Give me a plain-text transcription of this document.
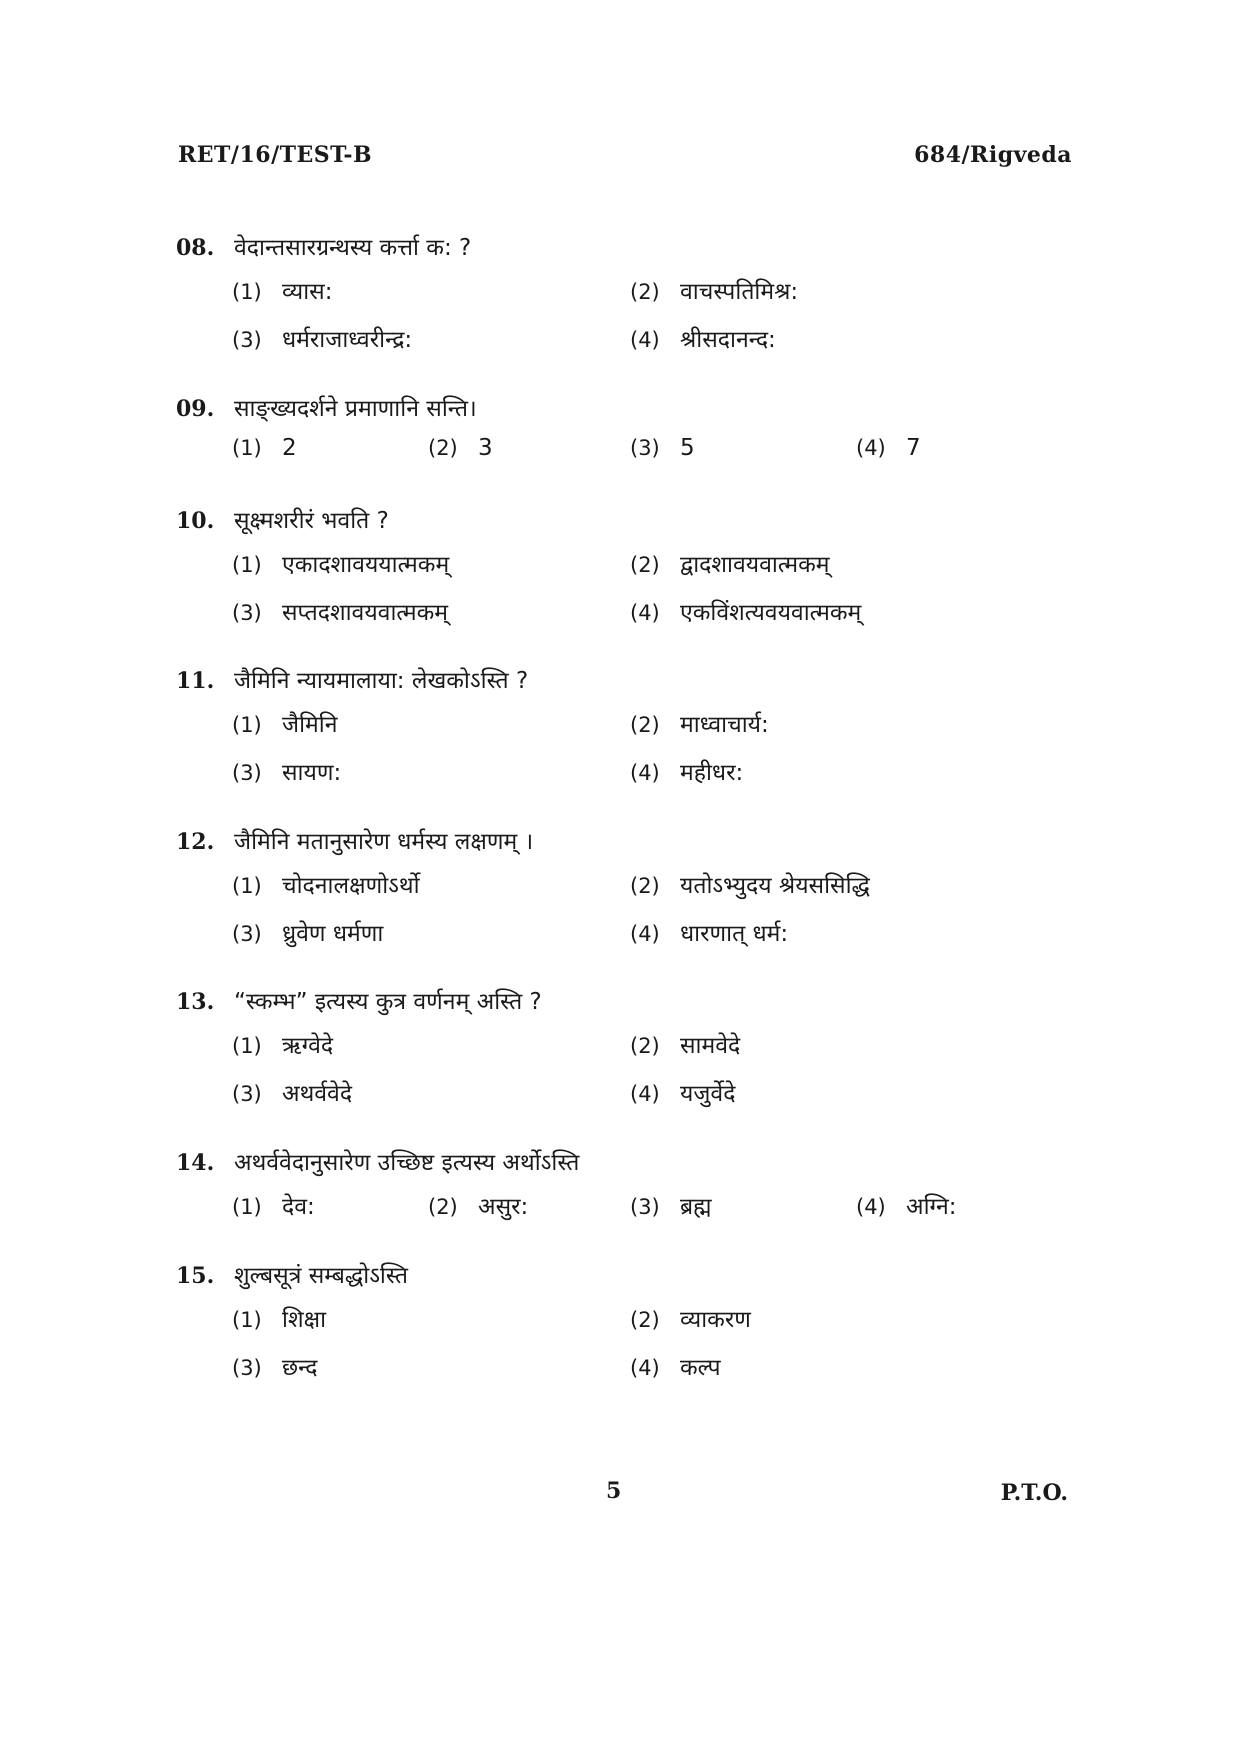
RET/16/TEST-B	684/Rigveda
08. वेदान्तसारग्रन्थस्य कर्त्ता क: ?
(1) व्यास:	(2) वाचस्पतिमिश्र:
(3) धर्मराजाध्वरीन्द्र:	(4) श्रीसदानन्द:
09. साङ्ख्यदर्शने प्रमाणानि सन्ति।
(1) 2	(2) 3	(3) 5	(4) 7
10. सूक्ष्मशरीरं भवति ?
(1) एकादशावययात्मकम्	(2) द्वादशावयवात्मकम्
(3) सप्तदशावयवात्मकम्	(4) एकविंशत्यवयवात्मकम्
11. जैमिनि न्यायमालाया: लेखकोऽस्ति ?
(1) जैमिनि	(2) माध्वाचार्य:
(3) सायण:	(4) महीधर:
12. जैमिनि मतानुसारेण धर्मस्य लक्षणम् ।
(1) चोदनालक्षणोऽर्थो	(2) यतोऽभ्युदय श्रेयससिद्धि
(3) ध्रुवेण धर्मणा	(4) धारणात् धर्म:
13. “स्कम्भ” इत्यस्य कुत्र वर्णनम् अस्ति ?
(1) ऋग्वेदे	(2) सामवेदे
(3) अथर्ववेदे	(4) यजुर्वेदे
14. अथर्ववेदानुसारेण उच्छिष्ट इत्यस्य अर्थोऽस्ति
(1) देव:	(2) असुर:	(3) ब्रह्म	(4) अग्नि:
15. शुल्बसूत्रं सम्बद्धोऽस्ति
(1) शिक्षा	(2) व्याकरण
(3) छन्द	(4) कल्प
5	P.T.O.
